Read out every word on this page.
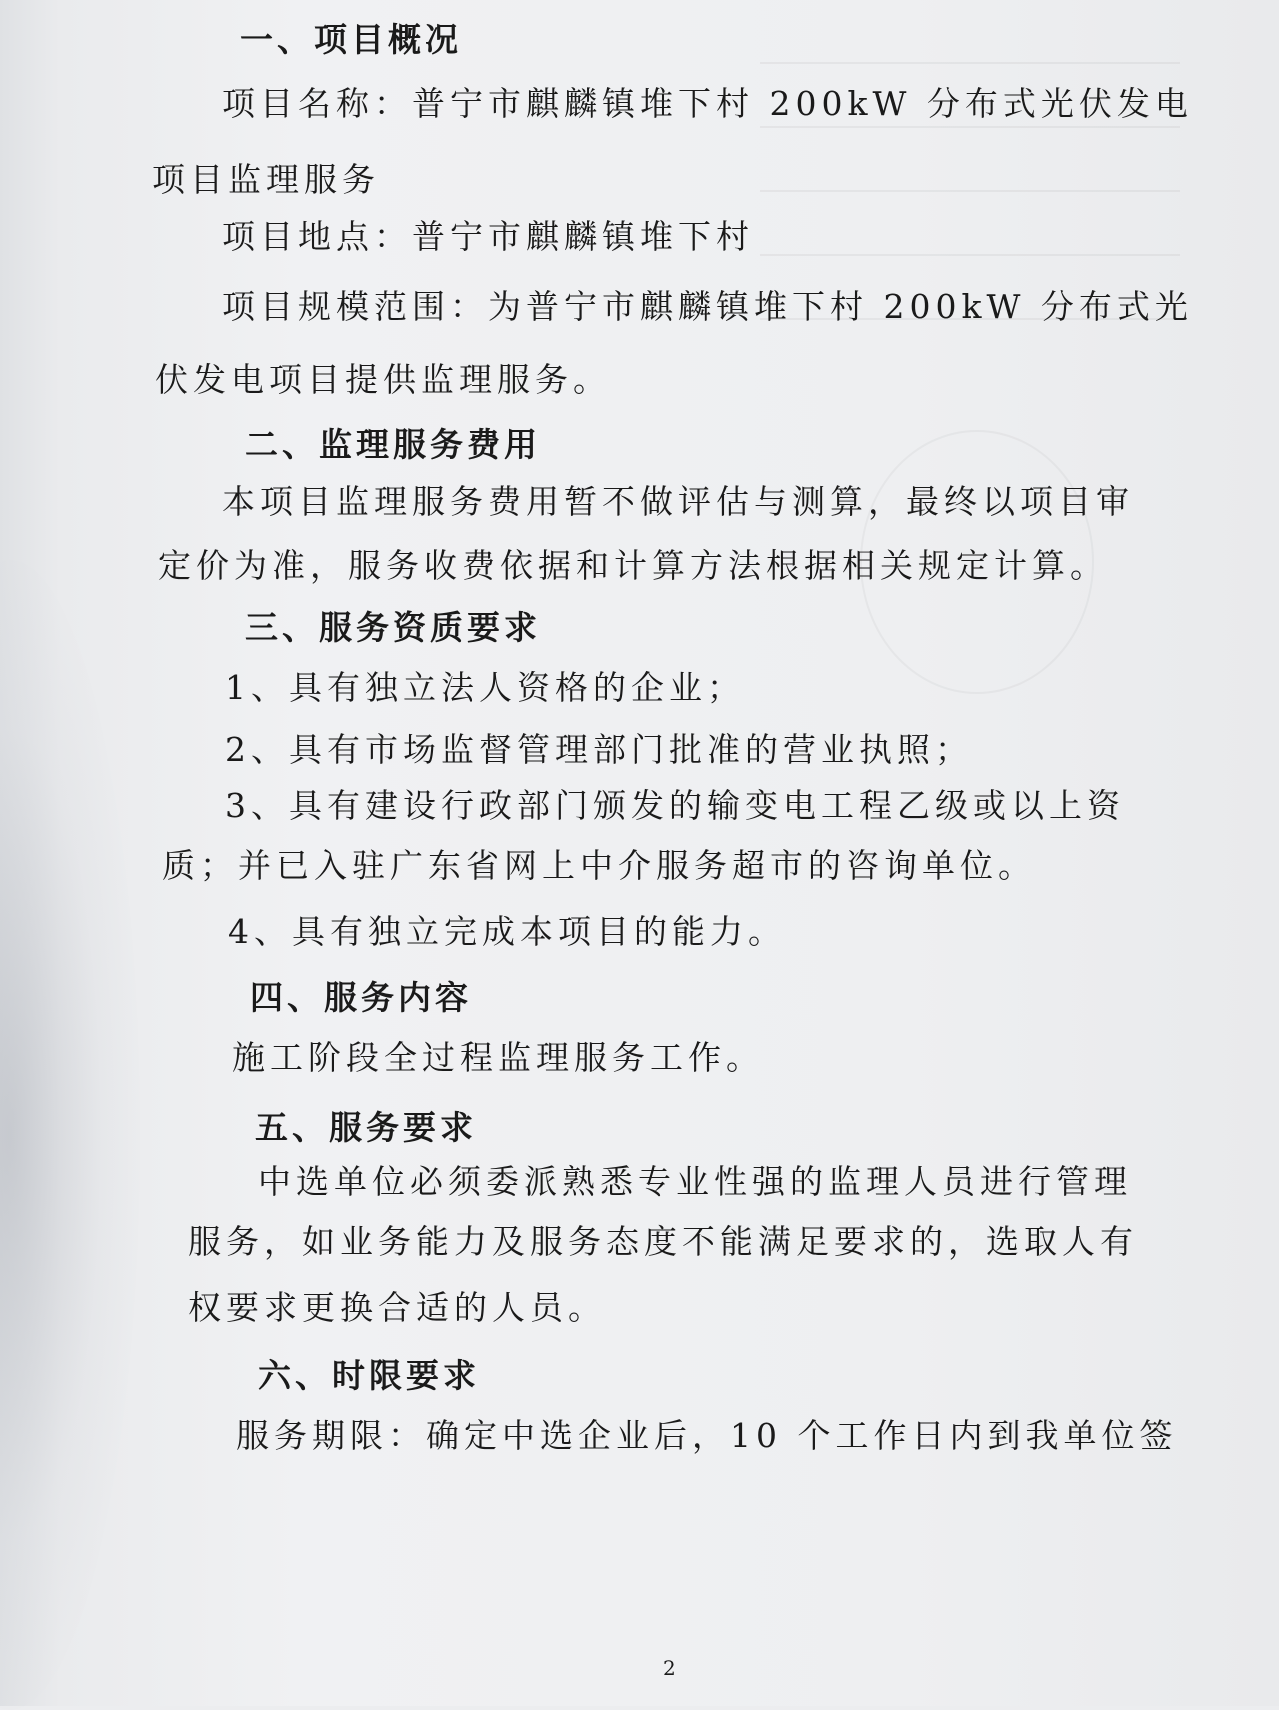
一、项目概况
项目名称：普宁市麒麟镇堆下村 200kW 分布式光伏发电
项目监理服务
项目地点：普宁市麒麟镇堆下村
项目规模范围：为普宁市麒麟镇堆下村 200kW 分布式光
伏发电项目提供监理服务。
二、监理服务费用
本项目监理服务费用暂不做评估与测算，最终以项目审
定价为准，服务收费依据和计算方法根据相关规定计算。
三、服务资质要求
1、具有独立法人资格的企业；
2、具有市场监督管理部门批准的营业执照；
3、具有建设行政部门颁发的输变电工程乙级或以上资
质；并已入驻广东省网上中介服务超市的咨询单位。
4、具有独立完成本项目的能力。
四、服务内容
施工阶段全过程监理服务工作。
五、服务要求
中选单位必须委派熟悉专业性强的监理人员进行管理
服务，如业务能力及服务态度不能满足要求的，选取人有
权要求更换合适的人员。
六、时限要求
服务期限：确定中选企业后，10 个工作日内到我单位签
2
